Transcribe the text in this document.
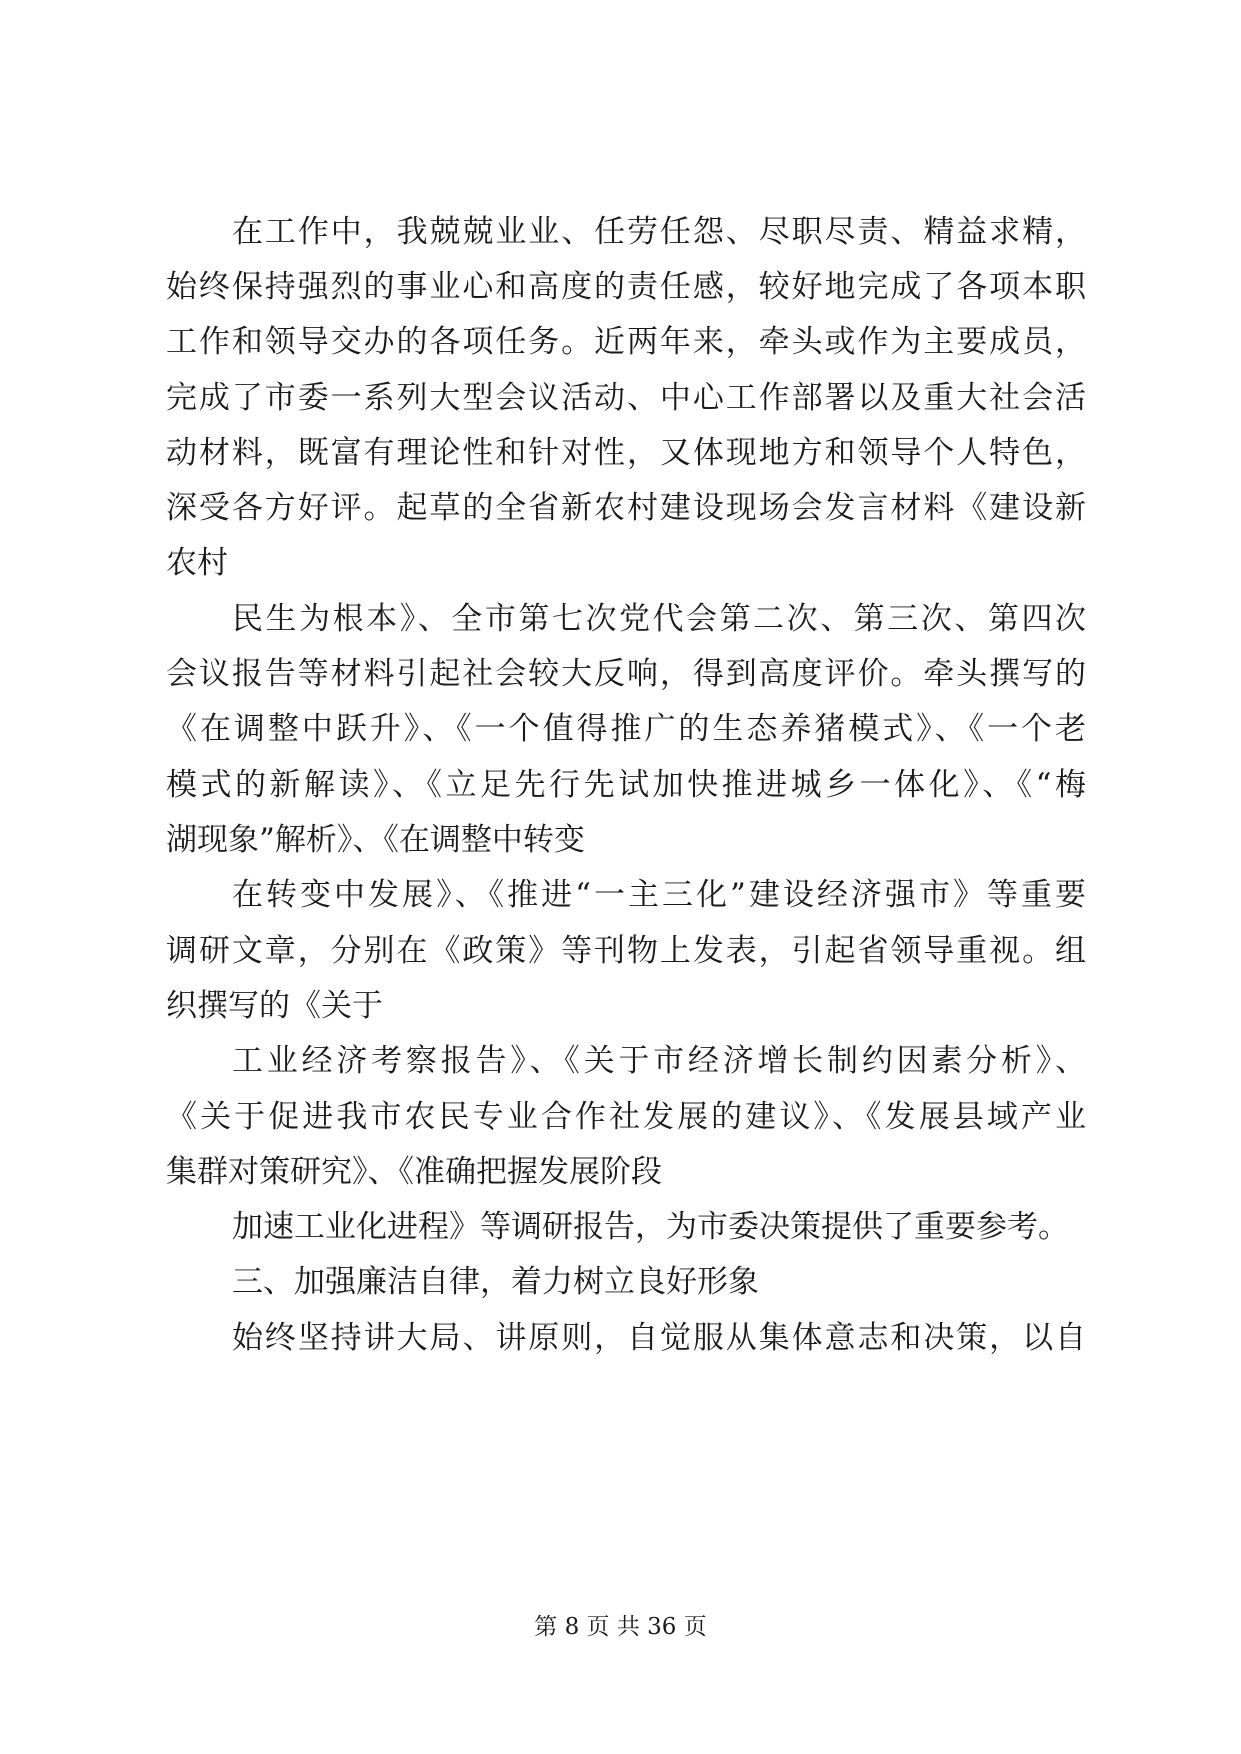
在工作中，我兢兢业业、任劳任怨、尽职尽责、精益求精，
始终保持强烈的事业心和高度的责任感，较好地完成了各项本职
工作和领导交办的各项任务。近两年来，牵头或作为主要成员，
完成了市委一系列大型会议活动、中心工作部署以及重大社会活
动材料，既富有理论性和针对性，又体现地方和领导个人特色，
深受各方好评。起草的全省新农村建设现场会发言材料《建设新
农村
民生为根本》、全市第七次党代会第二次、第三次、第四次
会议报告等材料引起社会较大反响，得到高度评价。牵头撰写的
《在调整中跃升》、《一个值得推广的生态养猪模式》、《一个老
模式的新解读》、《立足先行先试加快推进城乡一体化》、《“梅
湖现象”解析》、《在调整中转变
在转变中发展》、《推进“一主三化”建设经济强市》等重要
调研文章，分别在《政策》等刊物上发表，引起省领导重视。组
织撰写的《关于
工业经济考察报告》、《关于市经济增长制约因素分析》、
《关于促进我市农民专业合作社发展的建议》、《发展县域产业
集群对策研究》、《准确把握发展阶段
加速工业化进程》等调研报告，为市委决策提供了重要参考。
三、加强廉洁自律，着力树立良好形象
始终坚持讲大局、讲原则，自觉服从集体意志和决策，以自
第 8 页 共 36 页
